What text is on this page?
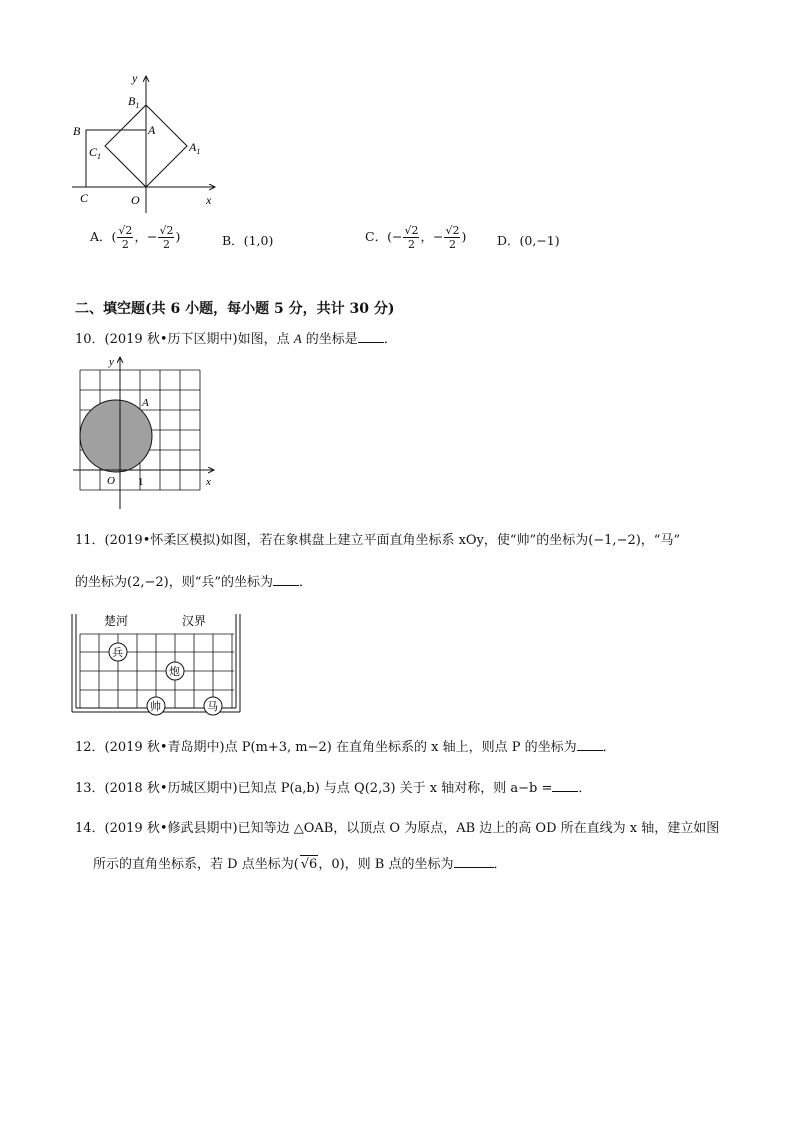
y
$B_1$
A
B
$C_1$
$A_1$
C	O	x
A．( $\frac{√2}{2}$ ，− $\frac{√2}{2}$ )	B．(1,0)	C．(− $\frac{√2}{2}$ ，− $\frac{√2}{2}$ ) D．(0,−1)
二、填空题(共 6 小题，每小题 5 分，共计 30 分)
10．(2019 秋•历下区期中)如图，点 A 的坐标是 ．
y
A
O 1	x
11．(2019•怀柔区模拟)如图，若在象棋盘上建立平面直角坐标系 xOy，使“帅”的坐标为(−1,−2)，“马”
的坐标为(2,−2)，则“兵”的坐标为 ．
楚河	汉界
兵
炮
帅	马
12．(2019 秋•青岛期中)点 P(m+3, m−2) 在直角坐标系的 x 轴上，则点 P 的坐标为 ．
13．(2018 秋•历城区期中)已知点 P(a,b) 与点 Q(2,3) 关于 x 轴对称，则 a−b = ．
14．(2019 秋•修武县期中)已知等边 △OAB，以顶点 O 为原点，AB 边上的高 OD 所在直线为 x 轴，建立如图
所示的直角坐标系，若 D 点坐标为( √6，0)，则 B 点的坐标为	．
